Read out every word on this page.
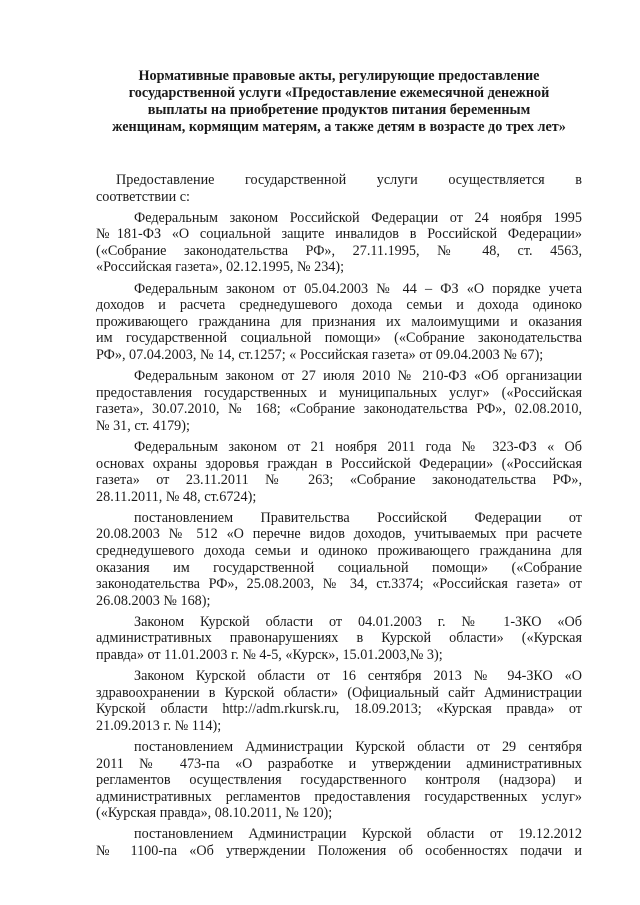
Нормативные правовые акты, регулирующие предоставление
государственной услуги «Предоставление ежемесячной денежной
выплаты на приобретение продуктов питания беременным
женщинам, кормящим матерям, а также детям в возрасте до трех лет»
Предоставление государственной услуги осуществляется в
соответствии с:
Федеральным законом Российской Федерации от 24 ноября 1995
№181-ФЗ «О социальной защите инвалидов в Российской Федерации»
(«Собрание законодательства РФ», 27.11.1995, № 48, ст. 4563,
«Российская газета», 02.12.1995, № 234);
Федеральным законом от 05.04.2003 № 44 – ФЗ «О порядке учета
доходов и расчета среднедушевого дохода семьи и дохода одиноко
проживающего гражданина для признания их малоимущими и оказания
им государственной социальной помощи» («Собрание законодательства
РФ», 07.04.2003, № 14, ст.1257; « Российская газета» от 09.04.2003 № 67);
Федеральным законом от 27 июля 2010 № 210-ФЗ «Об организации
предоставления государственных и муниципальных услуг» («Российская
газета», 30.07.2010, № 168; «Собрание законодательства РФ», 02.08.2010,
№ 31, ст. 4179);
Федеральным законом от 21 ноября 2011 года № 323-ФЗ « Об
основах охраны здоровья граждан в Российской Федерации» («Российская
газета» от 23.11.2011 № 263; «Собрание законодательства РФ»,
28.11.2011, № 48, ст.6724);
постановлением Правительства Российской Федерации от
20.08.2003 № 512 «О перечне видов доходов, учитываемых при расчете
среднедушевого дохода семьи и одиноко проживающего гражданина для
оказания им государственной социальной помощи» («Собрание
законодательства РФ», 25.08.2003, № 34, ст.3374; «Российская газета» от
26.08.2003 № 168);
Законом Курской области от 04.01.2003 г. № 1-ЗКО «Об
административных правонарушениях в Курской области» («Курская
правда» от 11.01.2003 г. № 4-5, «Курск», 15.01.2003,№ 3);
Законом Курской области от 16 сентября 2013 № 94-ЗКО «О
здравоохранении в Курской области» (Официальный сайт Администрации
Курской области http://adm.rkursk.ru, 18.09.2013; «Курская правда» от
21.09.2013 г. № 114);
постановлением Администрации Курской области от 29 сентября
2011 № 473-па «О разработке и утверждении административных
регламентов осуществления государственного контроля (надзора) и
административных регламентов предоставления государственных услуг»
(«Курская правда», 08.10.2011, № 120);
постановлением Администрации Курской области от 19.12.2012
№ 1100-па «Об утверждении Положения об особенностях подачи и
